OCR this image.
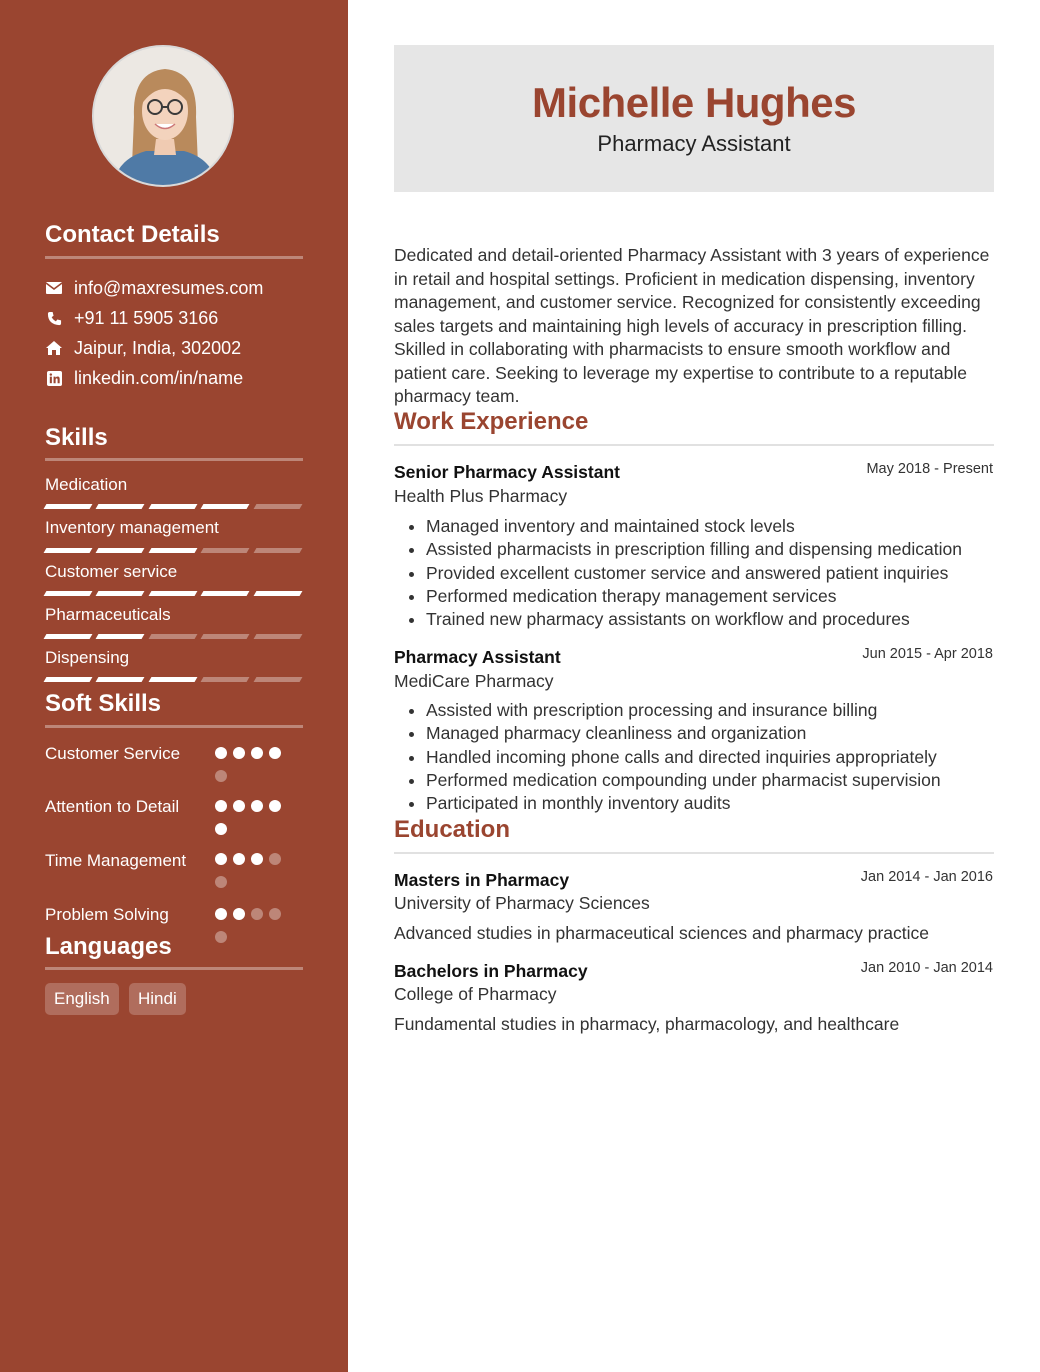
Contact Details
info@maxresumes.com
+91 11 5905 3166
Jaipur, India, 302002
linkedin.com/in/name
Skills
Medication
Inventory management
Customer service
Pharmaceuticals
Dispensing
Soft Skills
Customer Service
Attention to Detail
Time Management
Problem Solving
Languages
English	Hindi
Michelle Hughes
Pharmacy Assistant

Dedicated and detail-oriented Pharmacy Assistant with 3 years of experience in retail and hospital settings. Proficient in medication dispensing, inventory management, and customer service. Recognized for consistently exceeding sales targets and maintaining high levels of accuracy in prescription filling. Skilled in collaborating with pharmacists to ensure smooth workflow and patient care. Seeking to leverage my expertise to contribute to a reputable pharmacy team.

Work Experience
Senior Pharmacy Assistant	May 2018 - Present
Health Plus Pharmacy
• Managed inventory and maintained stock levels
• Assisted pharmacists in prescription filling and dispensing medication
• Provided excellent customer service and answered patient inquiries
• Performed medication therapy management services
• Trained new pharmacy assistants on workflow and procedures
Pharmacy Assistant	Jun 2015 - Apr 2018
MediCare Pharmacy
• Assisted with prescription processing and insurance billing
• Managed pharmacy cleanliness and organization
• Handled incoming phone calls and directed inquiries appropriately
• Performed medication compounding under pharmacist supervision
• Participated in monthly inventory audits
Education
Masters in Pharmacy	Jan 2014 - Jan 2016
University of Pharmacy Sciences
Advanced studies in pharmaceutical sciences and pharmacy practice
Bachelors in Pharmacy	Jan 2010 - Jan 2014
College of Pharmacy
Fundamental studies in pharmacy, pharmacology, and healthcare
